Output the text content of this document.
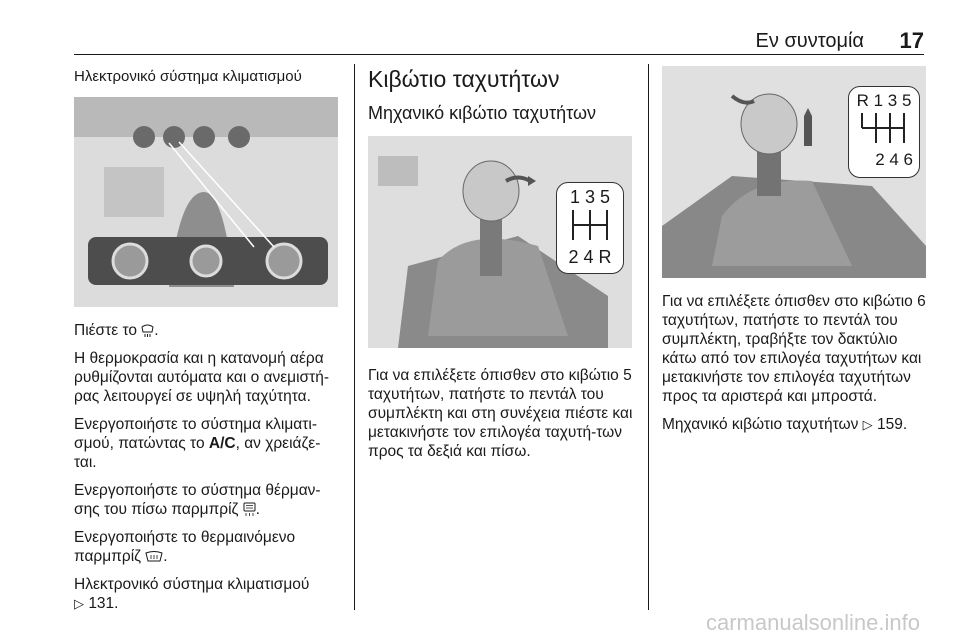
Εν συντομία 17
Ηλεκτρονικό σύστημα κλιματισμού

Πιέστε το .

Η θερμοκρασία και η κατανομή αέρα ρυθμίζονται αυτόματα και ο ανεμιστή-ρας λειτουργεί σε υψηλή ταχύτητα.

Ενεργοποιήστε το σύστημα κλιματι-σμού, πατώντας το A/C, αν χρειάζε-ται.

Ενεργοποιήστε το σύστημα θέρμαν-σης του πίσω παρμπρίζ .

Ενεργοποιήστε το θερμαινόμενο παρμπρίζ .

Ηλεκτρονικό σύστημα κλιματισμού
▷ 131.

Κιβώτιο ταχυτήτων
Μηχανικό κιβώτιο ταχυτήτων
1 3 5
2 4 R

Για να επιλέξετε όπισθεν στο κιβώτιο 5 ταχυτήτων, πατήστε το πεντάλ του συμπλέκτη και στη συνέχεια πιέστε και μετακινήστε τον επιλογέα ταχυτή-των προς τα δεξιά και πίσω.

R 1 3 5
2 4 6

Για να επιλέξετε όπισθεν στο κιβώτιο 6 ταχυτήτων, πατήστε το πεντάλ του συμπλέκτη, τραβήξτε τον δακτύλιο κάτω από τον επιλογέα ταχυτήτων και μετακινήστε τον επιλογέα ταχυτήτων προς τα αριστερά και μπροστά.

Μηχανικό κιβώτιο ταχυτήτων ▷ 159.

carmanualsonline.info
